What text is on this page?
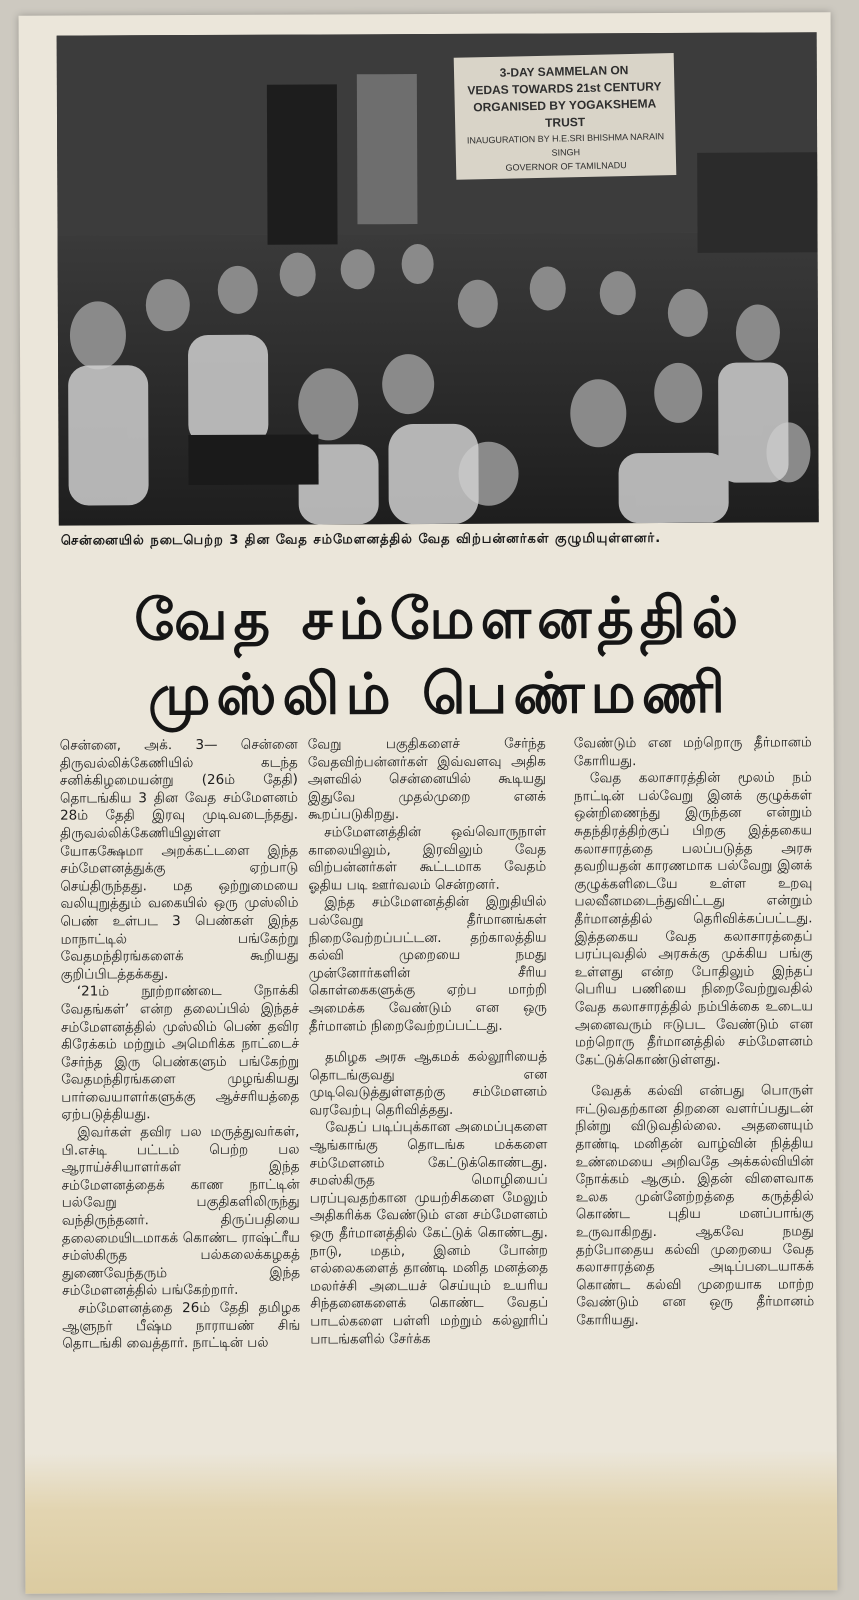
3-DAY SAMMELAN ON
VEDAS TOWARDS 21st CENTURY
ORGANISED BY YOGAKSHEMA TRUST
INAUGURATION BY H.E.SRI BHISHMA NARAIN SINGH
GOVERNOR OF TAMILNADU
சென்னையில் நடைபெற்ற 3 தின வேத சம்மேளனத்தில் வேத விற்பன்னர்கள் குழுமியுள்ளனர்.
வேத சம்மேளனத்தில்
முஸ்லிம் பெண்மணி

சென்னை, அக். 3— சென்னை திருவல்லிக்கேணியில் கடந்த சனிக்கிழமையன்று (26ம் தேதி) தொடங்கிய 3 தின வேத சம்மேளனம் 28ம் தேதி இரவு முடிவடைந்தது. திருவல்லிக்கேணியிலுள்ள யோகக்ஷேமா அறக்கட்டளை இந்த சம்மேளனத்துக்கு ஏற்பாடு செய்திருந்தது. மத ஒற்றுமையை வலியுறுத்தும் வகையில் ஒரு முஸ்லிம் பெண் உள்பட 3 பெண்கள் இந்த மாநாட்டில் பங்கேற்று வேதமந்திரங்களைக் கூறியது குறிப்பிடத்தக்கது.

‘21ம் நூற்றாண்டை நோக்கி வேதங்கள்’ என்ற தலைப்பில் இந்தச் சம்மேளனத்தில் முஸ்லிம் பெண் தவிர கிரேக்கம் மற்றும் அமெரிக்க நாட்டைச் சேர்ந்த இரு பெண்களும் பங்கேற்று வேதமந்திரங்களை முழங்கியது பார்வையாளர்களுக்கு ஆச்சரியத்தை ஏற்படுத்தியது.

இவர்கள் தவிர பல மருத்துவர்கள், பி.எச்டி பட்டம் பெற்ற பல ஆராய்ச்சியாளர்கள் இந்த சம்மேளனத்தைக் காண நாட்டின் பல்வேறு பகுதிகளிலிருந்து வந்திருந்தனர். திருப்பதியை தலைமையிடமாகக் கொண்ட ராஷ்ட்ரீய சம்ஸ்கிருத பல்கலைக்கழகத் துணைவேந்தரும் இந்த சம்மேளனத்தில் பங்கேற்றார்.

சம்மேளனத்தை 26ம் தேதி தமிழக ஆளுநர் பீஷ்ம நாராயண் சிங் தொடங்கி வைத்தார். நாட்டின் பல்

வேறு பகுதிகளைச் சேர்ந்த வேதவிற்பன்னர்கள் இவ்வளவு அதிக அளவில் சென்னையில் கூடியது இதுவே முதல்முறை எனக் கூறப்படுகிறது.

சம்மேளனத்தின் ஒவ்வொருநாள் காலையிலும், இரவிலும் வேத விற்பன்னர்கள் கூட்டமாக வேதம் ஓதிய படி ஊர்வலம் சென்றனர்.

இந்த சம்மேளனத்தின் இறுதியில் பல்வேறு தீர்மானங்கள் நிறைவேற்றப்பட்டன. தற்காலத்திய கல்வி முறையை நமது முன்னோர்களின் சீரிய கொள்கைகளுக்கு ஏற்ப மாற்றி அமைக்க வேண்டும் என ஒரு தீர்மானம் நிறைவேற்றப்பட்டது.

தமிழக அரசு ஆகமக் கல்லூரியைத் தொடங்குவது என முடிவெடுத்துள்ளதற்கு சம்மேளனம் வரவேற்பு தெரிவித்தது.

வேதப் படிப்புக்கான அமைப்புகளை ஆங்காங்கு தொடங்க மக்களை சம்மேளனம் கேட்டுக்கொண்டது. சமஸ்கிருத மொழியைப் பரப்புவதற்கான முயற்சிகளை மேலும் அதிகரிக்க வேண்டும் என சம்மேளனம் ஒரு தீர்மானத்தில் கேட்டுக் கொண்டது. நாடு, மதம், இனம் போன்ற எல்லைகளைத் தாண்டி மனித மனத்தை மலர்ச்சி அடையச் செய்யும் உயரிய சிந்தனைகளைக் கொண்ட வேதப் பாடல்களை பள்ளி மற்றும் கல்லூரிப் பாடங்களில் சேர்க்க

வேண்டும் என மற்றொரு தீர்மானம் கோரியது.

வேத கலாசாரத்தின் மூலம் நம் நாட்டின் பல்வேறு இனக் குழுக்கள் ஒன்றிணைந்து இருந்தன என்றும் சுதந்திரத்திற்குப் பிறகு இத்தகைய கலாசாரத்தை பலப்படுத்த அரசு தவறியதன் காரணமாக பல்வேறு இனக் குழுக்களிடையே உள்ள உறவு பலவீனமடைந்துவிட்டது என்றும் தீர்மானத்தில் தெரிவிக்கப்பட்டது. இத்தகைய வேத கலாசாரத்தைப் பரப்புவதில் அரசுக்கு முக்கிய பங்கு உள்ளது என்ற போதிலும் இந்தப் பெரிய பணியை நிறைவேற்றுவதில் வேத கலாசாரத்தில் நம்பிக்கை உடைய அனைவரும் ஈடுபட வேண்டும் என மற்றொரு தீர்மானத்தில் சம்மேளனம் கேட்டுக்கொண்டுள்ளது.

வேதக் கல்வி என்பது பொருள் ஈட்டுவதற்கான திறனை வளர்ப்பதுடன் நின்று விடுவதில்லை. அதனையும் தாண்டி மனிதன் வாழ்வின் நித்திய உண்மையை அறிவதே அக்கல்வியின் நோக்கம் ஆகும். இதன் விளைவாக உலக முன்னேற்றத்தை கருத்தில் கொண்ட புதிய மனப்பாங்கு உருவாகிறது. ஆகவே நமது தற்போதைய கல்வி முறையை வேத கலாசாரத்தை அடிப்படையாகக் கொண்ட கல்வி முறையாக மாற்ற வேண்டும் என ஒரு தீர்மானம் கோரியது.
